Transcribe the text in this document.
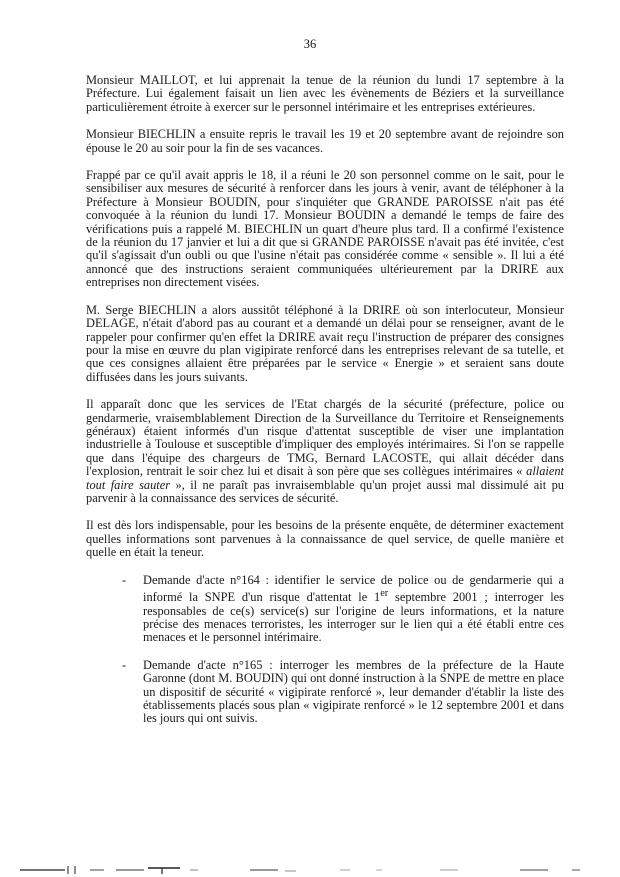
36

Monsieur MAILLOT, et lui apprenait la tenue de la réunion du lundi 17 septembre à la Préfecture. Lui également faisait un lien avec les évènements de Béziers et la surveillance particulièrement étroite à exercer sur le personnel intérimaire et les entreprises extérieures.

Monsieur BIECHLIN a ensuite repris le travail les 19 et 20 septembre avant de rejoindre son épouse le 20 au soir pour la fin de ses vacances.

Frappé par ce qu'il avait appris le 18, il a réuni le 20 son personnel comme on le sait, pour le sensibiliser aux mesures de sécurité à renforcer dans les jours à venir, avant de téléphoner à la Préfecture à Monsieur BOUDIN, pour s'inquiéter que GRANDE PAROISSE n'ait pas été convoquée à la réunion du lundi 17. Monsieur BOUDIN a demandé le temps de faire des vérifications puis a rappelé M. BIECHLIN un quart d'heure plus tard. Il a confirmé l'existence de la réunion du 17 janvier et lui a dit que si GRANDE PAROISSE n'avait pas été invitée, c'est qu'il s'agissait d'un oubli ou que l'usine n'était pas considérée comme « sensible ». Il lui a été annoncé que des instructions seraient communiquées ultérieurement par la DRIRE aux entreprises non directement visées.

M. Serge BIECHLIN a alors aussitôt téléphoné à la DRIRE où son interlocuteur, Monsieur DELAGE, n'était d'abord pas au courant et a demandé un délai pour se renseigner, avant de le rappeler pour confirmer qu'en effet la DRIRE avait reçu l'instruction de préparer des consignes pour la mise en œuvre du plan vigipirate renforcé dans les entreprises relevant de sa tutelle, et que ces consignes allaient être préparées par le service « Energie » et seraient sans doute diffusées dans les jours suivants.

Il apparaît donc que les services de l'Etat chargés de la sécurité (préfecture, police ou gendarmerie, vraisemblablement Direction de la Surveillance du Territoire et Renseignements généraux) étaient informés d'un risque d'attentat susceptible de viser une implantation industrielle à Toulouse et susceptible d'impliquer des employés intérimaires. Si l'on se rappelle que dans l'équipe des chargeurs de TMG, Bernard LACOSTE, qui allait décéder dans l'explosion, rentrait le soir chez lui et disait à son père que ses collègues intérimaires « allaient tout faire sauter », il ne paraît pas invraisemblable qu'un projet aussi mal dissimulé ait pu parvenir à la connaissance des services de sécurité.

Il est dès lors indispensable, pour les besoins de la présente enquête, de déterminer exactement quelles informations sont parvenues à la connaissance de quel service, de quelle manière et quelle en était la teneur.

- Demande d'acte n°164 : identifier le service de police ou de gendarmerie qui a informé la SNPE d'un risque d'attentat le 1er septembre 2001 ; interroger les responsables de ce(s) service(s) sur l'origine de leurs informations, et la nature précise des menaces terroristes, les interroger sur le lien qui a été établi entre ces menaces et le personnel intérimaire.
- Demande d'acte n°165 : interroger les membres de la préfecture de la Haute Garonne (dont M. BOUDIN) qui ont donné instruction à la SNPE de mettre en place un dispositif de sécurité « vigipirate renforcé », leur demander d'établir la liste des établissements placés sous plan « vigipirate renforcé » le 12 septembre 2001 et dans les jours qui ont suivis.
